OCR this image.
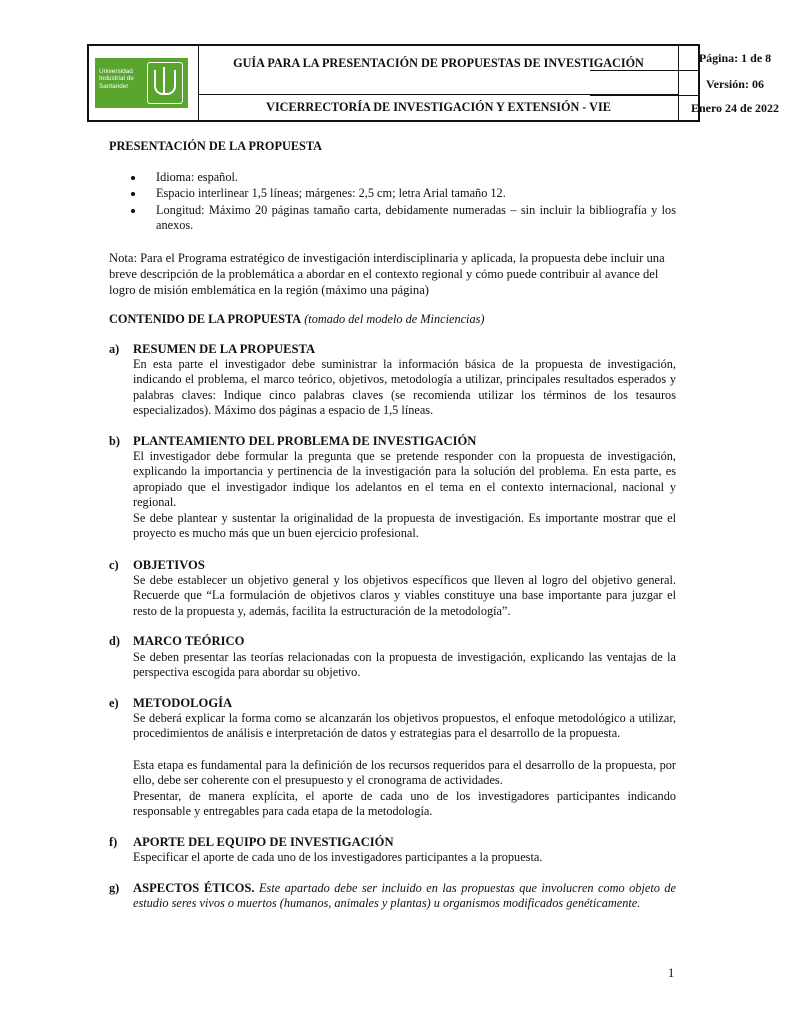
Universidad
Industrial de
Santander
GUÍA PARA LA PRESENTACIÓN DE PROPUESTAS DE INVESTIGACIÓN
VICERRECTORÍA DE INVESTIGACIÓN Y EXTENSIÓN - VIE
Página: 1 de 8
Versión: 06
Enero 24 de 2022
PRESENTACIÓN DE LA PROPUESTA
Idioma: español.
Espacio interlinear 1,5 líneas; márgenes: 2,5 cm; letra Arial tamaño 12.
Longitud: Máximo 20 páginas tamaño carta, debidamente numeradas – sin incluir la bibliografía y los anexos.
Nota: Para el Programa estratégico de investigación interdisciplinaria y aplicada, la propuesta debe incluir una breve descripción de la problemática a abordar en el contexto regional y cómo puede contribuir al avance del logro de misión emblemática en la región (máximo una página)
CONTENIDO DE LA PROPUESTA (tomado del modelo de Minciencias)
a) RESUMEN DE LA PROPUESTA
En esta parte el investigador debe suministrar la información básica de la propuesta de investigación, indicando el problema, el marco teórico, objetivos, metodología a utilizar, principales resultados esperados y palabras claves: Indique cinco palabras claves (se recomienda utilizar los términos de los tesauros especializados). Máximo dos páginas a espacio de 1,5 líneas.
b) PLANTEAMIENTO DEL PROBLEMA DE INVESTIGACIÓN
El investigador debe formular la pregunta que se pretende responder con la propuesta de investigación, explicando la importancia y pertinencia de la investigación para la solución del problema. En esta parte, es apropiado que el investigador indique los adelantos en el tema en el contexto internacional, nacional y regional.
Se debe plantear y sustentar la originalidad de la propuesta de investigación. Es importante mostrar que el proyecto es mucho más que un buen ejercicio profesional.
c) OBJETIVOS
Se debe establecer un objetivo general y los objetivos específicos que lleven al logro del objetivo general. Recuerde que “La formulación de objetivos claros y viables constituye una base importante para juzgar el resto de la propuesta y, además, facilita la estructuración de la metodología”.
d) MARCO TEÓRICO
Se deben presentar las teorías relacionadas con la propuesta de investigación, explicando las ventajas de la perspectiva escogida para abordar su objetivo.
e) METODOLOGÍA
Se deberá explicar la forma como se alcanzarán los objetivos propuestos, el enfoque metodológico a utilizar, procedimientos de análisis e interpretación de datos y estrategias para el desarrollo de la propuesta.
Esta etapa es fundamental para la definición de los recursos requeridos para el desarrollo de la propuesta, por ello, debe ser coherente con el presupuesto y el cronograma de actividades.
Presentar, de manera explícita, el aporte de cada uno de los investigadores participantes indicando responsable y entregables para cada etapa de la metodología.
f) APORTE DEL EQUIPO DE INVESTIGACIÓN
Especificar el aporte de cada uno de los investigadores participantes a la propuesta.
g) ASPECTOS ÉTICOS. Este apartado debe ser incluido en las propuestas que involucren como objeto de estudio seres vivos o muertos (humanos, animales y plantas) u organismos modificados genéticamente.
1
